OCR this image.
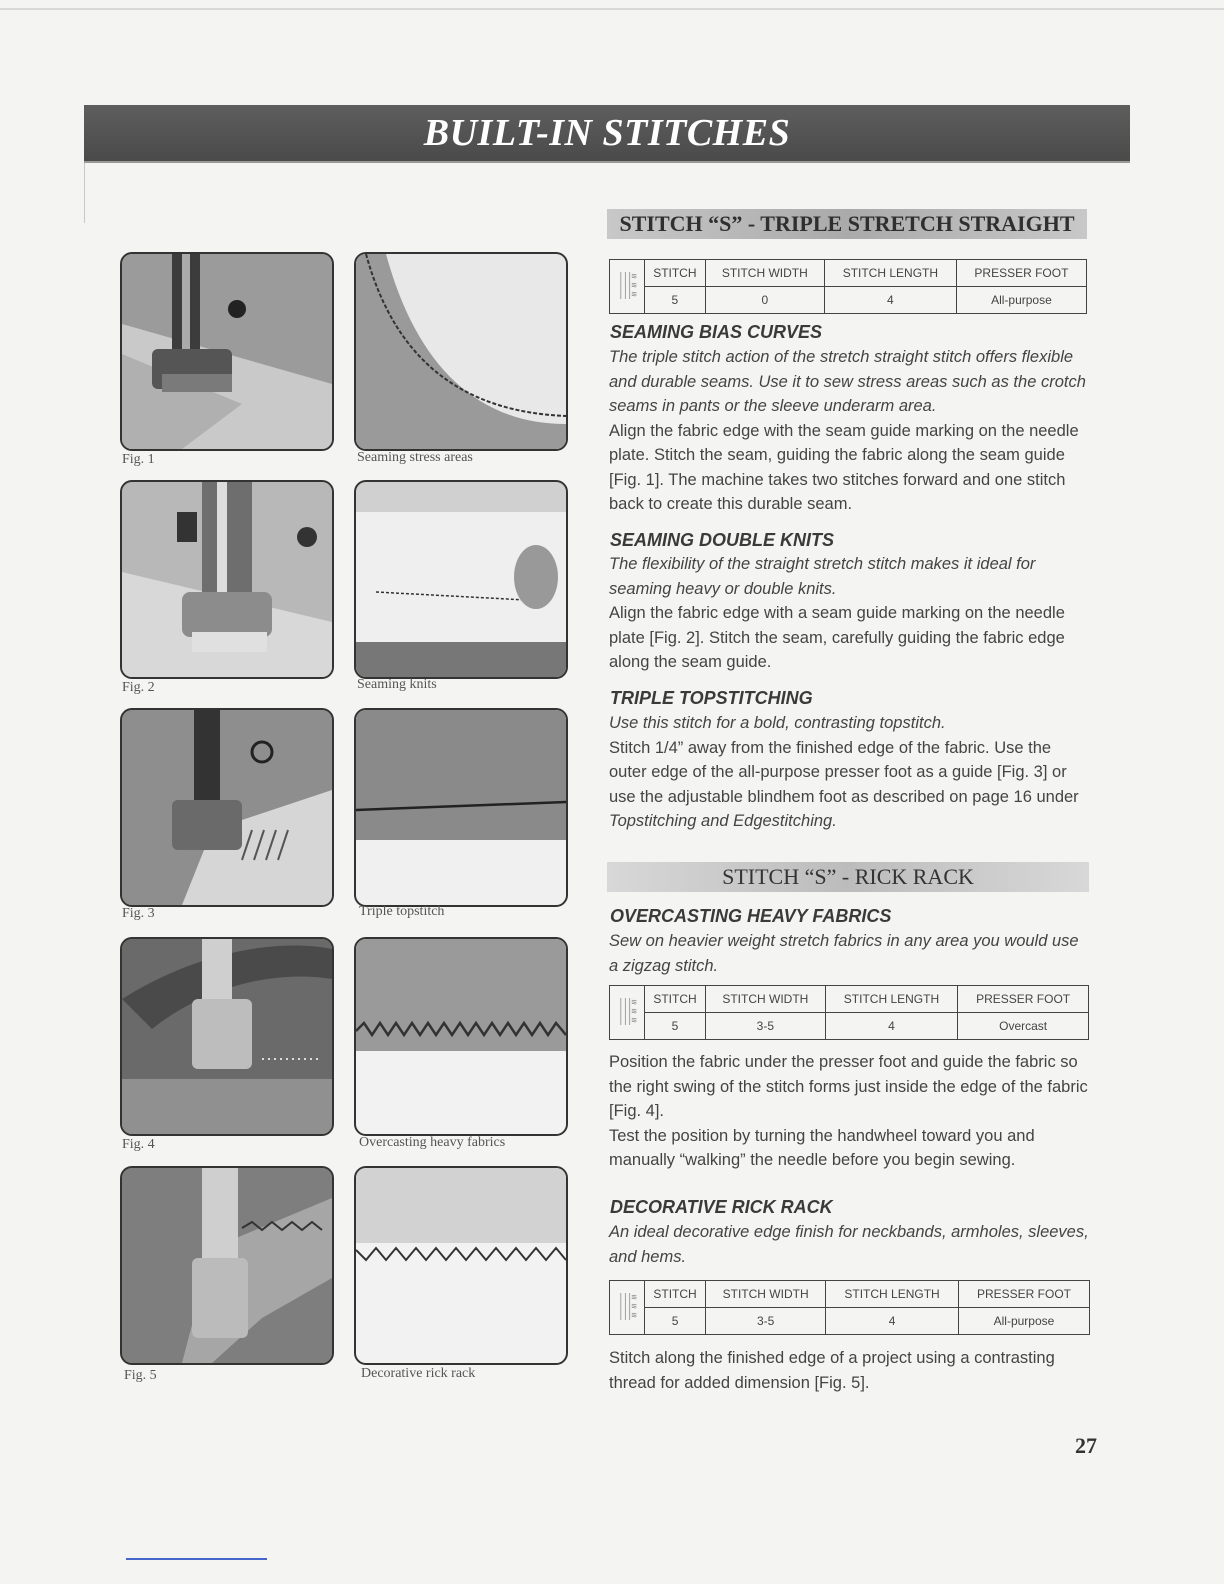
BUILT-IN STITCHES
Fig. 1	Seaming stress areas
Fig. 2	Seaming knits
Fig. 3	Triple topstitch
Fig. 4	Overcasting heavy fabrics
Fig. 5	Decorative rick rack
STITCH “S” - TRIPLE STRETCH STRAIGHT
|||≋
|||≋
|||≋	STITCH	STITCH WIDTH	STITCH LENGTH	PRESSER FOOT
	5	0	4	All-purpose
SEAMING BIAS CURVES

The triple stitch action of the stretch straight stitch offers flexible and durable seams. Use it to sew stress areas such as the crotch seams in pants or the sleeve underarm area.

Align the fabric edge with the seam guide marking on the needle plate. Stitch the seam, guiding the fabric along the seam guide [Fig. 1]. The machine takes two stitches forward and one stitch back to create this durable seam.

SEAMING DOUBLE KNITS

The flexibility of the straight stretch stitch makes it ideal for seaming heavy or double knits.

Align the fabric edge with a seam guide marking on the needle plate [Fig. 2]. Stitch the seam, carefully guiding the fabric edge along the seam guide.

TRIPLE TOPSTITCHING

Use this stitch for a bold, contrasting topstitch.

Stitch 1/4” away from the finished edge of the fabric. Use the outer edge of the all-purpose presser foot as a guide [Fig. 3] or use the adjustable blindhem foot as described on page 16 under Topstitching and Edgestitching.

STITCH “S” - RICK RACK
OVERCASTING HEAVY FABRICS

Sew on heavier weight stretch fabrics in any area you would use a zigzag stitch.

|||≋
|||≋
|||≋	STITCH	STITCH WIDTH	STITCH LENGTH	PRESSER FOOT
	5	3-5	4	Overcast

Position the fabric under the presser foot and guide the fabric so the right swing of the stitch forms just inside the edge of the fabric [Fig. 4].

Test the position by turning the handwheel toward you and manually “walking” the needle before you begin sewing.

DECORATIVE RICK RACK

An ideal decorative edge finish for neckbands, armholes, sleeves, and hems.

|||≋
|||≋
|||≋	STITCH	STITCH WIDTH	STITCH LENGTH	PRESSER FOOT
	5	3-5	4	All-purpose

Stitch along the finished edge of a project using a contrasting thread for added dimension [Fig. 5].

27
